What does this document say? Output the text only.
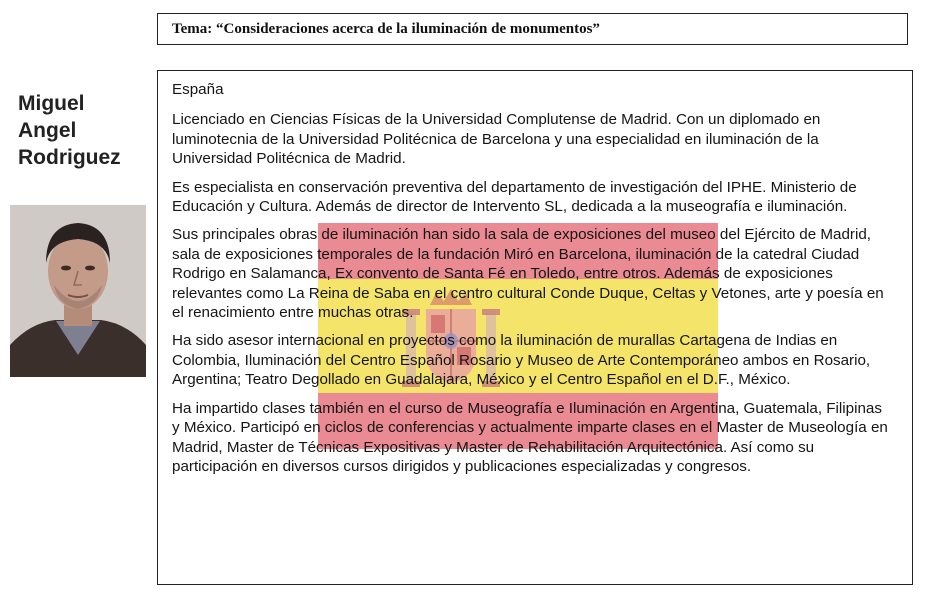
Tema: “Consideraciones acerca de la iluminación de monumentos”
Miguel
Angel
Rodriguez

España

Licenciado en Ciencias Físicas de la Universidad Complutense de Madrid. Con un diplomado en luminotecnia de la Universidad Politécnica de Barcelona y una especialidad en iluminación de la Universidad Politécnica de Madrid.

Es especialista en conservación preventiva del departamento de investigación del IPHE. Ministerio de Educación y Cultura. Además de director de Intervento SL, dedicada a la museografía e iluminación.

Sus principales obras de iluminación han sido la sala de exposiciones del museo del Ejército de Madrid, sala de exposiciones temporales de la fundación Miró en Barcelona, iluminación de la catedral Ciudad Rodrigo en Salamanca, Ex convento de Santa Fé en Toledo, entre otros. Además de exposiciones relevantes como La Reina de Saba en el centro cultural Conde Duque, Celtas y Vetones, arte y poesía en el renacimiento entre muchas otras.

Ha sido asesor internacional en proyectos como la iluminación de murallas Cartagena de Indias en Colombia, Iluminación del Centro Español Rosario y Museo de Arte Contemporáneo ambos en Rosario, Argentina; Teatro Degollado en Guadalajara, México y el Centro Español en el D.F., México.

Ha impartido clases también en el curso de Museografía e Iluminación en Argentina, Guatemala, Filipinas y México. Participó en ciclos de conferencias y actualmente imparte clases en el Master de Museología en Madrid, Master de Técnicas Expositivas y Master de Rehabilitación Arquitectónica. Así como su participación en diversos cursos dirigidos y publicaciones especializadas y congresos.
